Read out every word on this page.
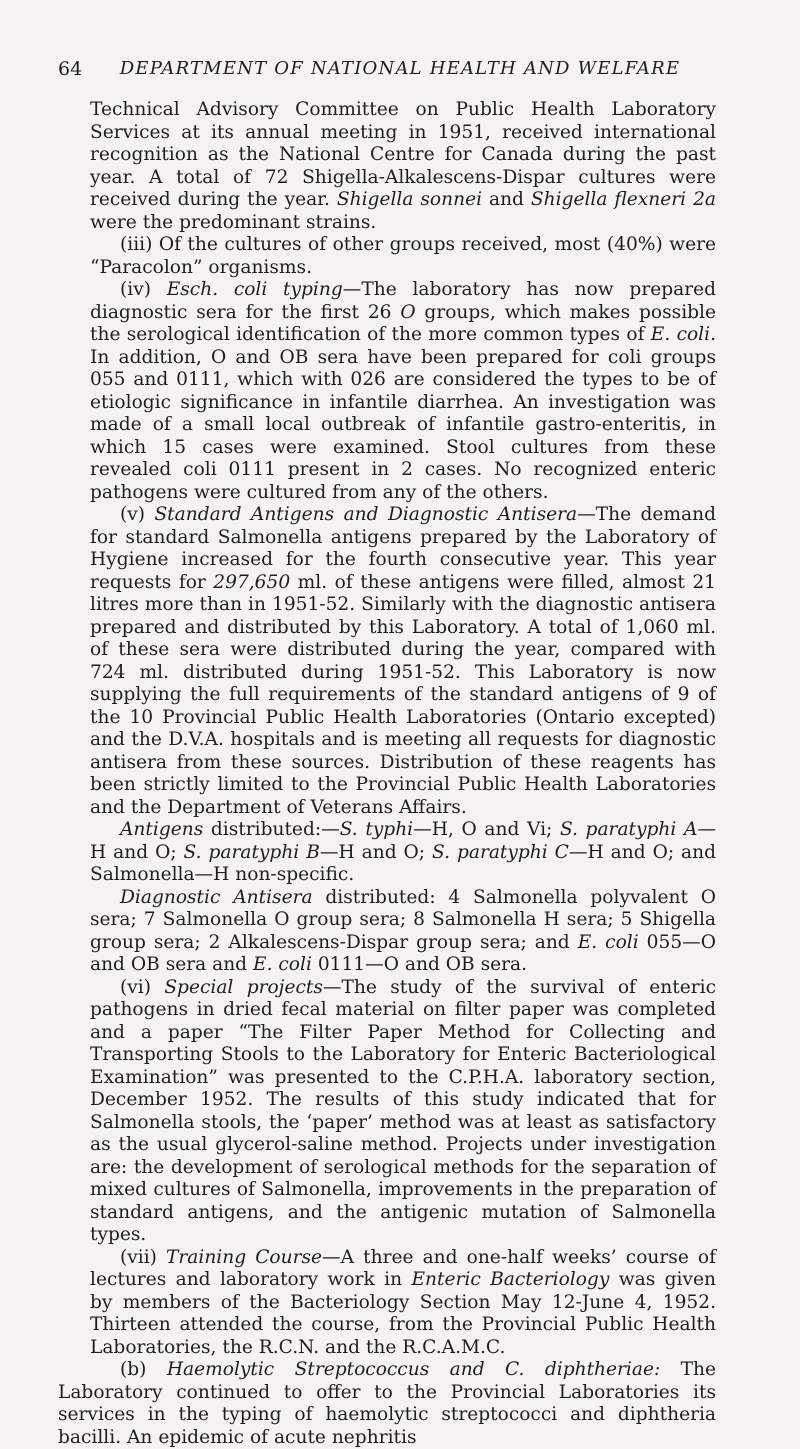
64	DEPARTMENT OF NATIONAL HEALTH AND WELFARE

Technical Advisory Committee on Public Health Laboratory Services at its annual meeting in 1951, received international recognition as the National Centre for Canada during the past year. A total of 72 Shigella-Alkalescens-Dispar cultures were received during the year. Shigella sonnei and Shigella flexneri 2a were the predominant strains.

(iii) Of the cultures of other groups received, most (40%) were “Paracolon” organisms.

(iv) Esch. coli typing—The laboratory has now prepared diagnostic sera for the first 26 O groups, which makes possible the serological identification of the more common types of E. coli. In addition, O and OB sera have been prepared for coli groups 055 and 0111, which with 026 are considered the types to be of etiologic significance in infantile diarrhea. An investigation was made of a small local outbreak of infantile gastro-enteritis, in which 15 cases were examined. Stool cultures from these revealed coli 0111 present in 2 cases. No recognized enteric pathogens were cultured from any of the others.

(v) Standard Antigens and Diagnostic Antisera—The demand for standard Salmonella antigens prepared by the Laboratory of Hygiene increased for the fourth consecutive year. This year requests for 297,650 ml. of these antigens were filled, almost 21 litres more than in 1951-52. Similarly with the diagnostic antisera prepared and distributed by this Laboratory. A total of 1,060 ml. of these sera were distributed during the year, compared with 724 ml. distributed during 1951-52. This Laboratory is now supplying the full requirements of the standard antigens of 9 of the 10 Provincial Public Health Laboratories (Ontario excepted) and the D.V.A. hospitals and is meeting all requests for diagnostic antisera from these sources. Distribution of these reagents has been strictly limited to the Provincial Public Health Laboratories and the Department of Veterans Affairs.

Antigens distributed:—S. typhi—H, O and Vi; S. paratyphi A—H and O; S. paratyphi B—H and O; S. paratyphi C—H and O; and Salmonella—H non-specific.

Diagnostic Antisera distributed: 4 Salmonella polyvalent O sera; 7 Salmonella O group sera; 8 Salmonella H sera; 5 Shigella group sera; 2 Alkalescens-Dispar group sera; and E. coli 055—O and OB sera and E. coli 0111—O and OB sera.

(vi) Special projects—The study of the survival of enteric pathogens in dried fecal material on filter paper was completed and a paper “The Filter Paper Method for Collecting and Transporting Stools to the Laboratory for Enteric Bacteriological Examination” was presented to the C.P.H.A. laboratory section, December 1952. The results of this study indicated that for Salmonella stools, the ‘paper’ method was at least as satisfactory as the usual glycerol-saline method. Projects under investigation are: the development of serological methods for the separation of mixed cultures of Salmonella, improvements in the preparation of standard antigens, and the antigenic mutation of Salmonella types.

(vii) Training Course—A three and one-half weeks’ course of lectures and laboratory work in Enteric Bacteriology was given by members of the Bacteriology Section May 12-June 4, 1952. Thirteen attended the course, from the Provincial Public Health Laboratories, the R.C.N. and the R.C.A.M.C.

(b) Haemolytic Streptococcus and C. diphtheriae: The Laboratory continued to offer to the Provincial Laboratories its services in the typing of haemolytic streptococci and diphtheria bacilli. An epidemic of acute nephritis
